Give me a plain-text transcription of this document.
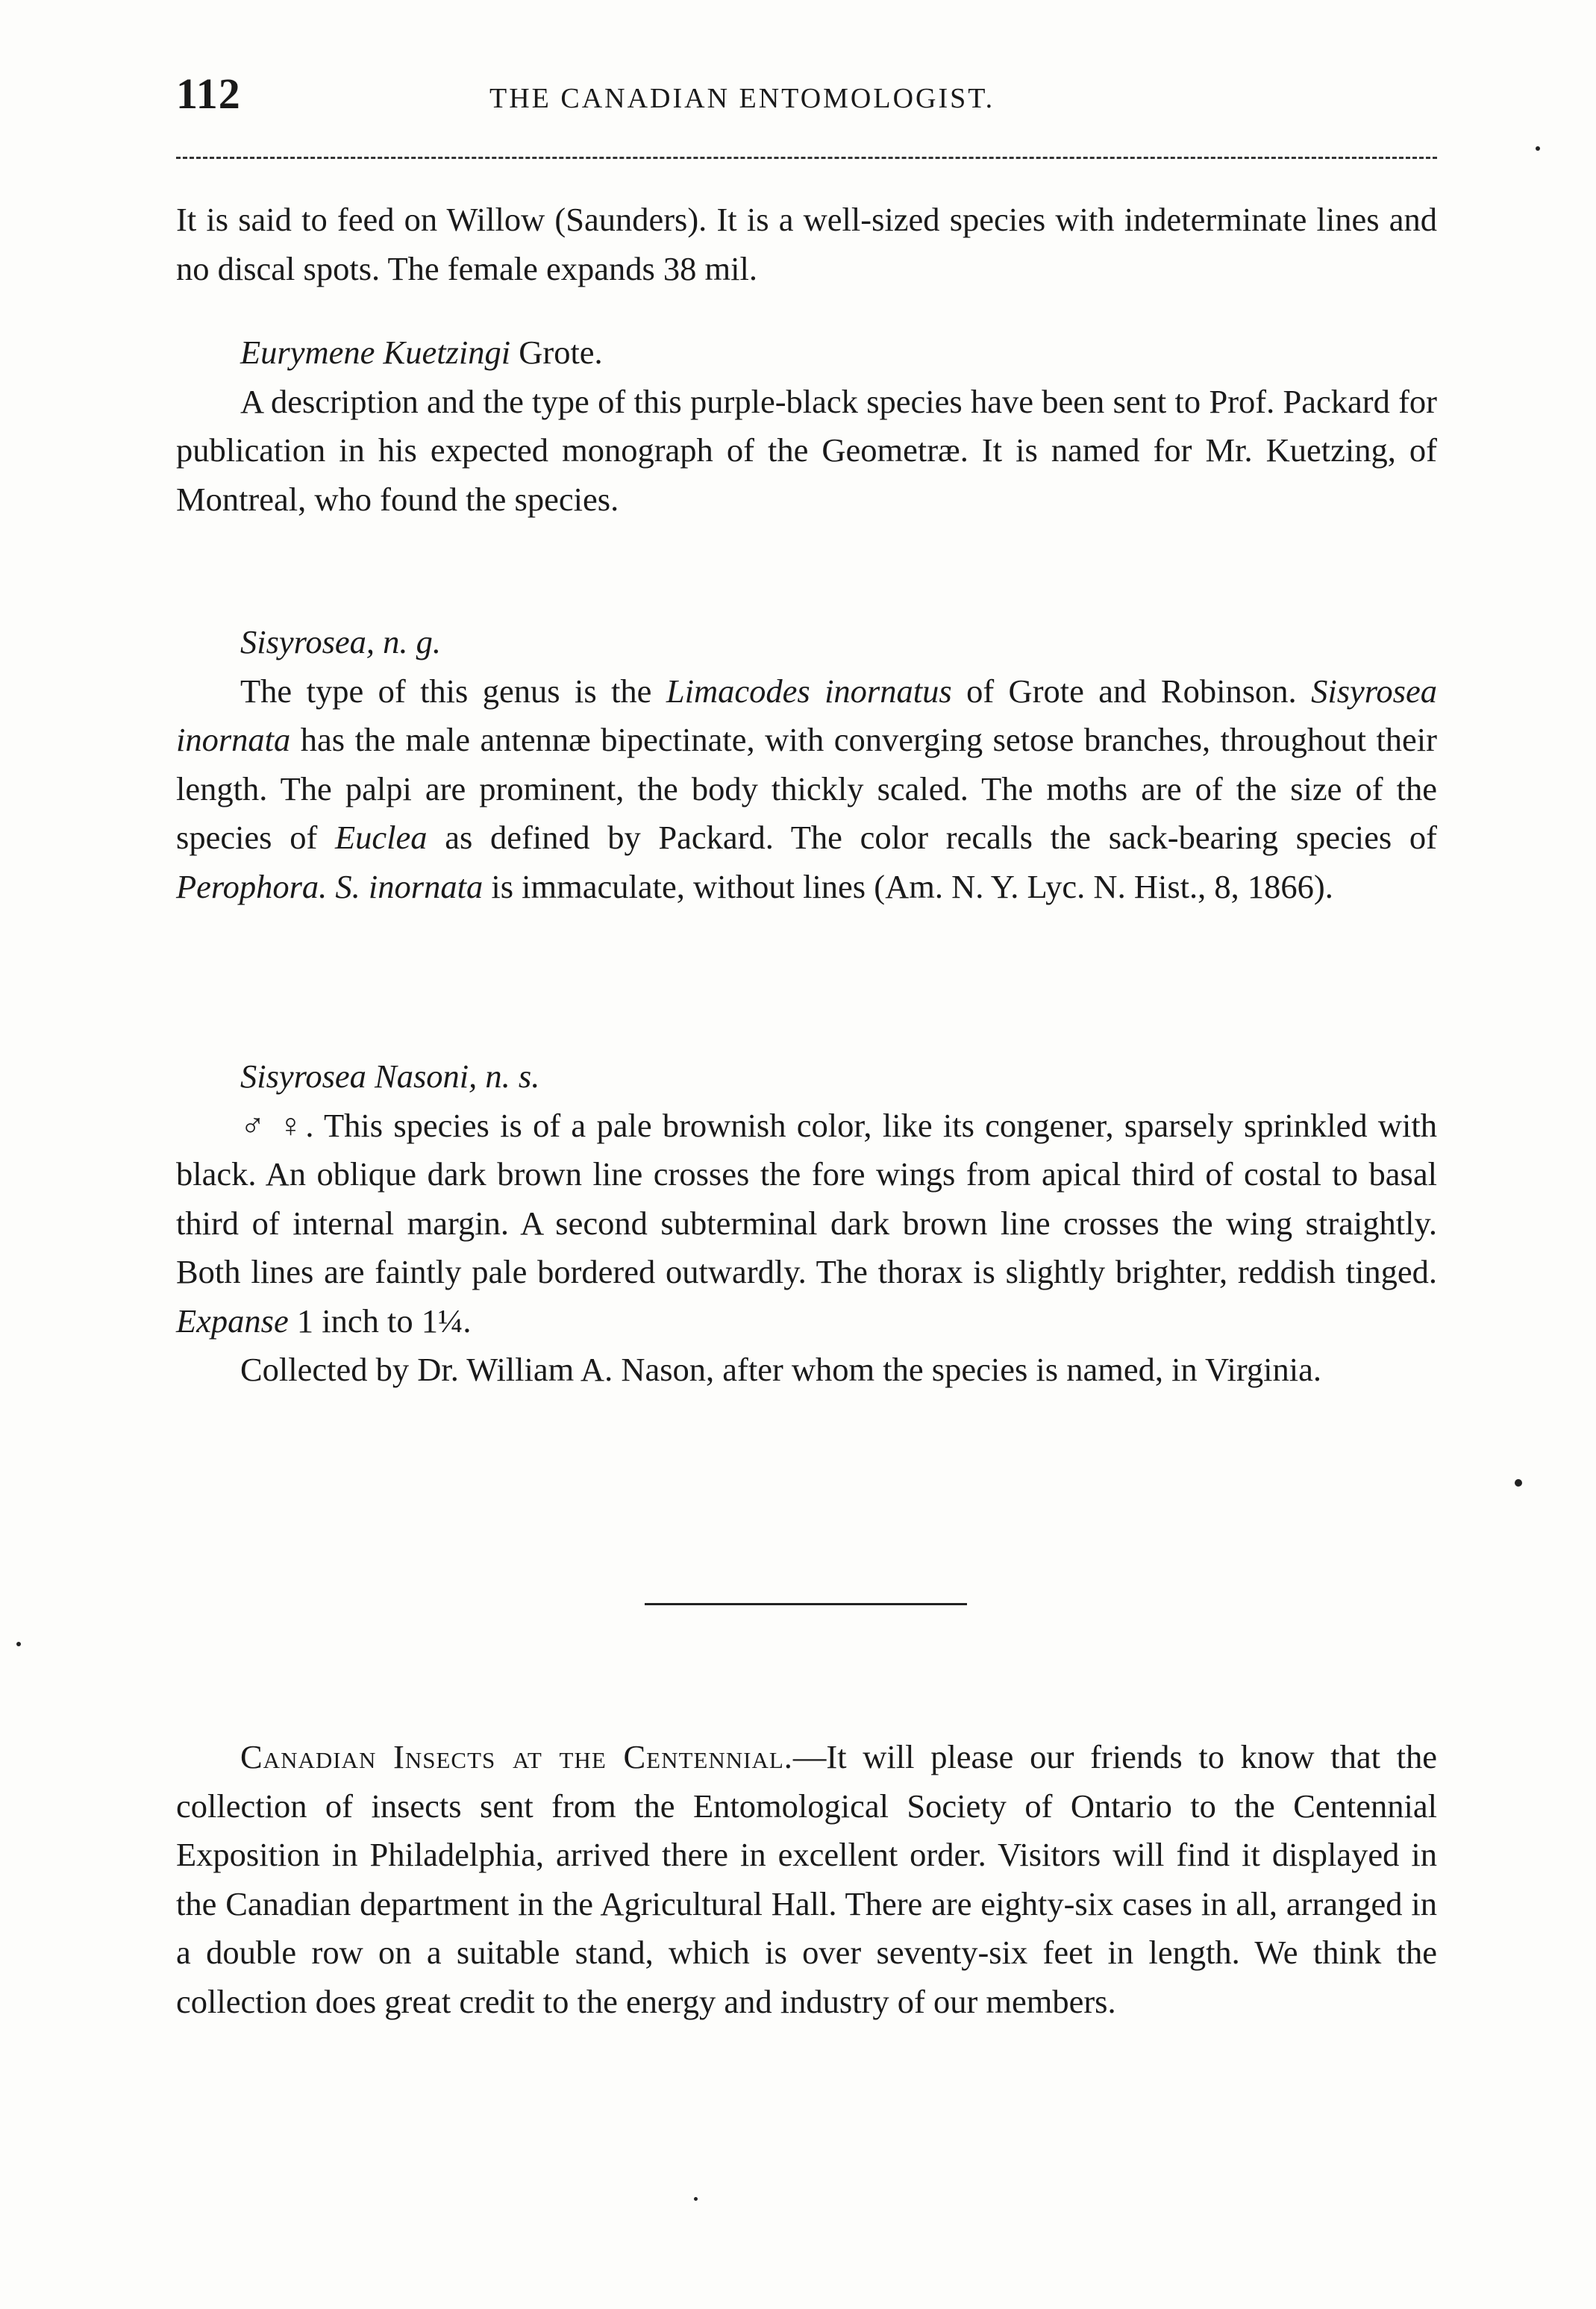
112	THE CANADIAN ENTOMOLOGIST.

It is said to feed on Willow (Saunders). It is a well-sized species with indeterminate lines and no discal spots. The female expands 38 mil.

Eurymene Kuetzingi Grote.

A description and the type of this purple-black species have been sent to Prof. Packard for publication in his expected monograph of the Geometræ. It is named for Mr. Kuetzing, of Montreal, who found the species.

Sisyrosea, n. g.

The type of this genus is the Limacodes inornatus of Grote and Robinson. Sisyrosea inornata has the male antennæ bipectinate, with converging setose branches, throughout their length. The palpi are prominent, the body thickly scaled. The moths are of the size of the species of Euclea as defined by Packard. The color recalls the sack-bearing species of Perophora. S. inornata is immaculate, without lines (Am. N. Y. Lyc. N. Hist., 8, 1866).

Sisyrosea Nasoni, n. s.

♂ ♀. This species is of a pale brownish color, like its congener, sparsely sprinkled with black. An oblique dark brown line crosses the fore wings from apical third of costal to basal third of internal margin. A second subterminal dark brown line crosses the wing straightly. Both lines are faintly pale bordered outwardly. The thorax is slightly brighter, reddish tinged. Expanse 1 inch to 1¼.

Collected by Dr. William A. Nason, after whom the species is named, in Virginia.

Canadian Insects at the Centennial.—It will please our friends to know that the collection of insects sent from the Entomological Society of Ontario to the Centennial Exposition in Philadelphia, arrived there in excellent order. Visitors will find it displayed in the Canadian department in the Agricultural Hall. There are eighty-six cases in all, arranged in a double row on a suitable stand, which is over seventy-six feet in length. We think the collection does great credit to the energy and industry of our members.
